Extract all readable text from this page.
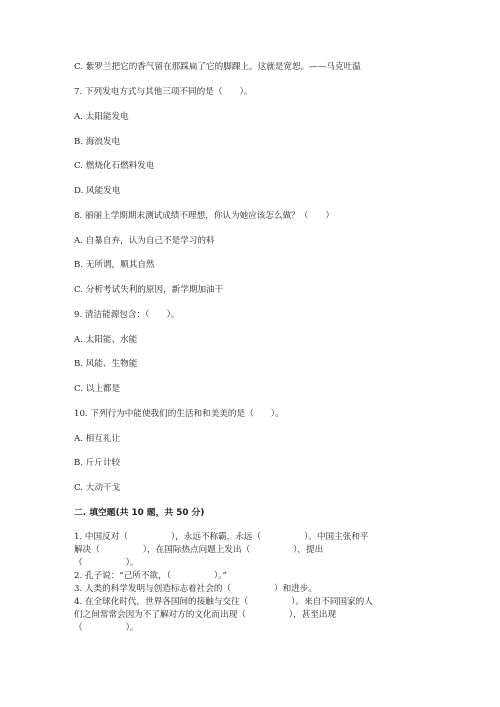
C. 紫罗兰把它的香气留在那踩扁了它的脚踝上。这就是宽恕。——马克吐温
7. 下列发电方式与其他三项不同的是（　　）。
A. 太阳能发电
B. 海浪发电
C. 燃烧化石燃料发电
D. 风能发电
8. 丽丽上学期期末测试成绩不理想，你认为她应该怎么做？（　　）
A. 自暴自弃，认为自己不是学习的料
B. 无所谓，顺其自然
C. 分析考试失利的原因，新学期加油干
9. 清洁能源包含：（　　）。
A. 太阳能、水能
B. 风能、生物能
C. 以上都是
10. 下列行为中能使我们的生活和和美美的是（　　）。
A. 相互礼让
B. 斤斤计较
C. 大动干戈
二. 填空题(共 10 题，共 50 分)
1. 中国反对（　　　　　），永远不称霸，永远（　　　　　）。中国主张和平
解决（　　　　　），在国际热点问题上发出（　　　　　），提出
（　　　　　）。
2. 孔子说：“己所不欲，（　　　　　）。”
3. 人类的科学发明与创造标志着社会的（　　　　　）和进步。
4. 在全球化时代，世界各国间的接触与交往（　　　　　）。来自不同国家的人
们之间常常会因为不了解对方的文化而出现（　　　　　），甚至出现
（　　　　　）。
